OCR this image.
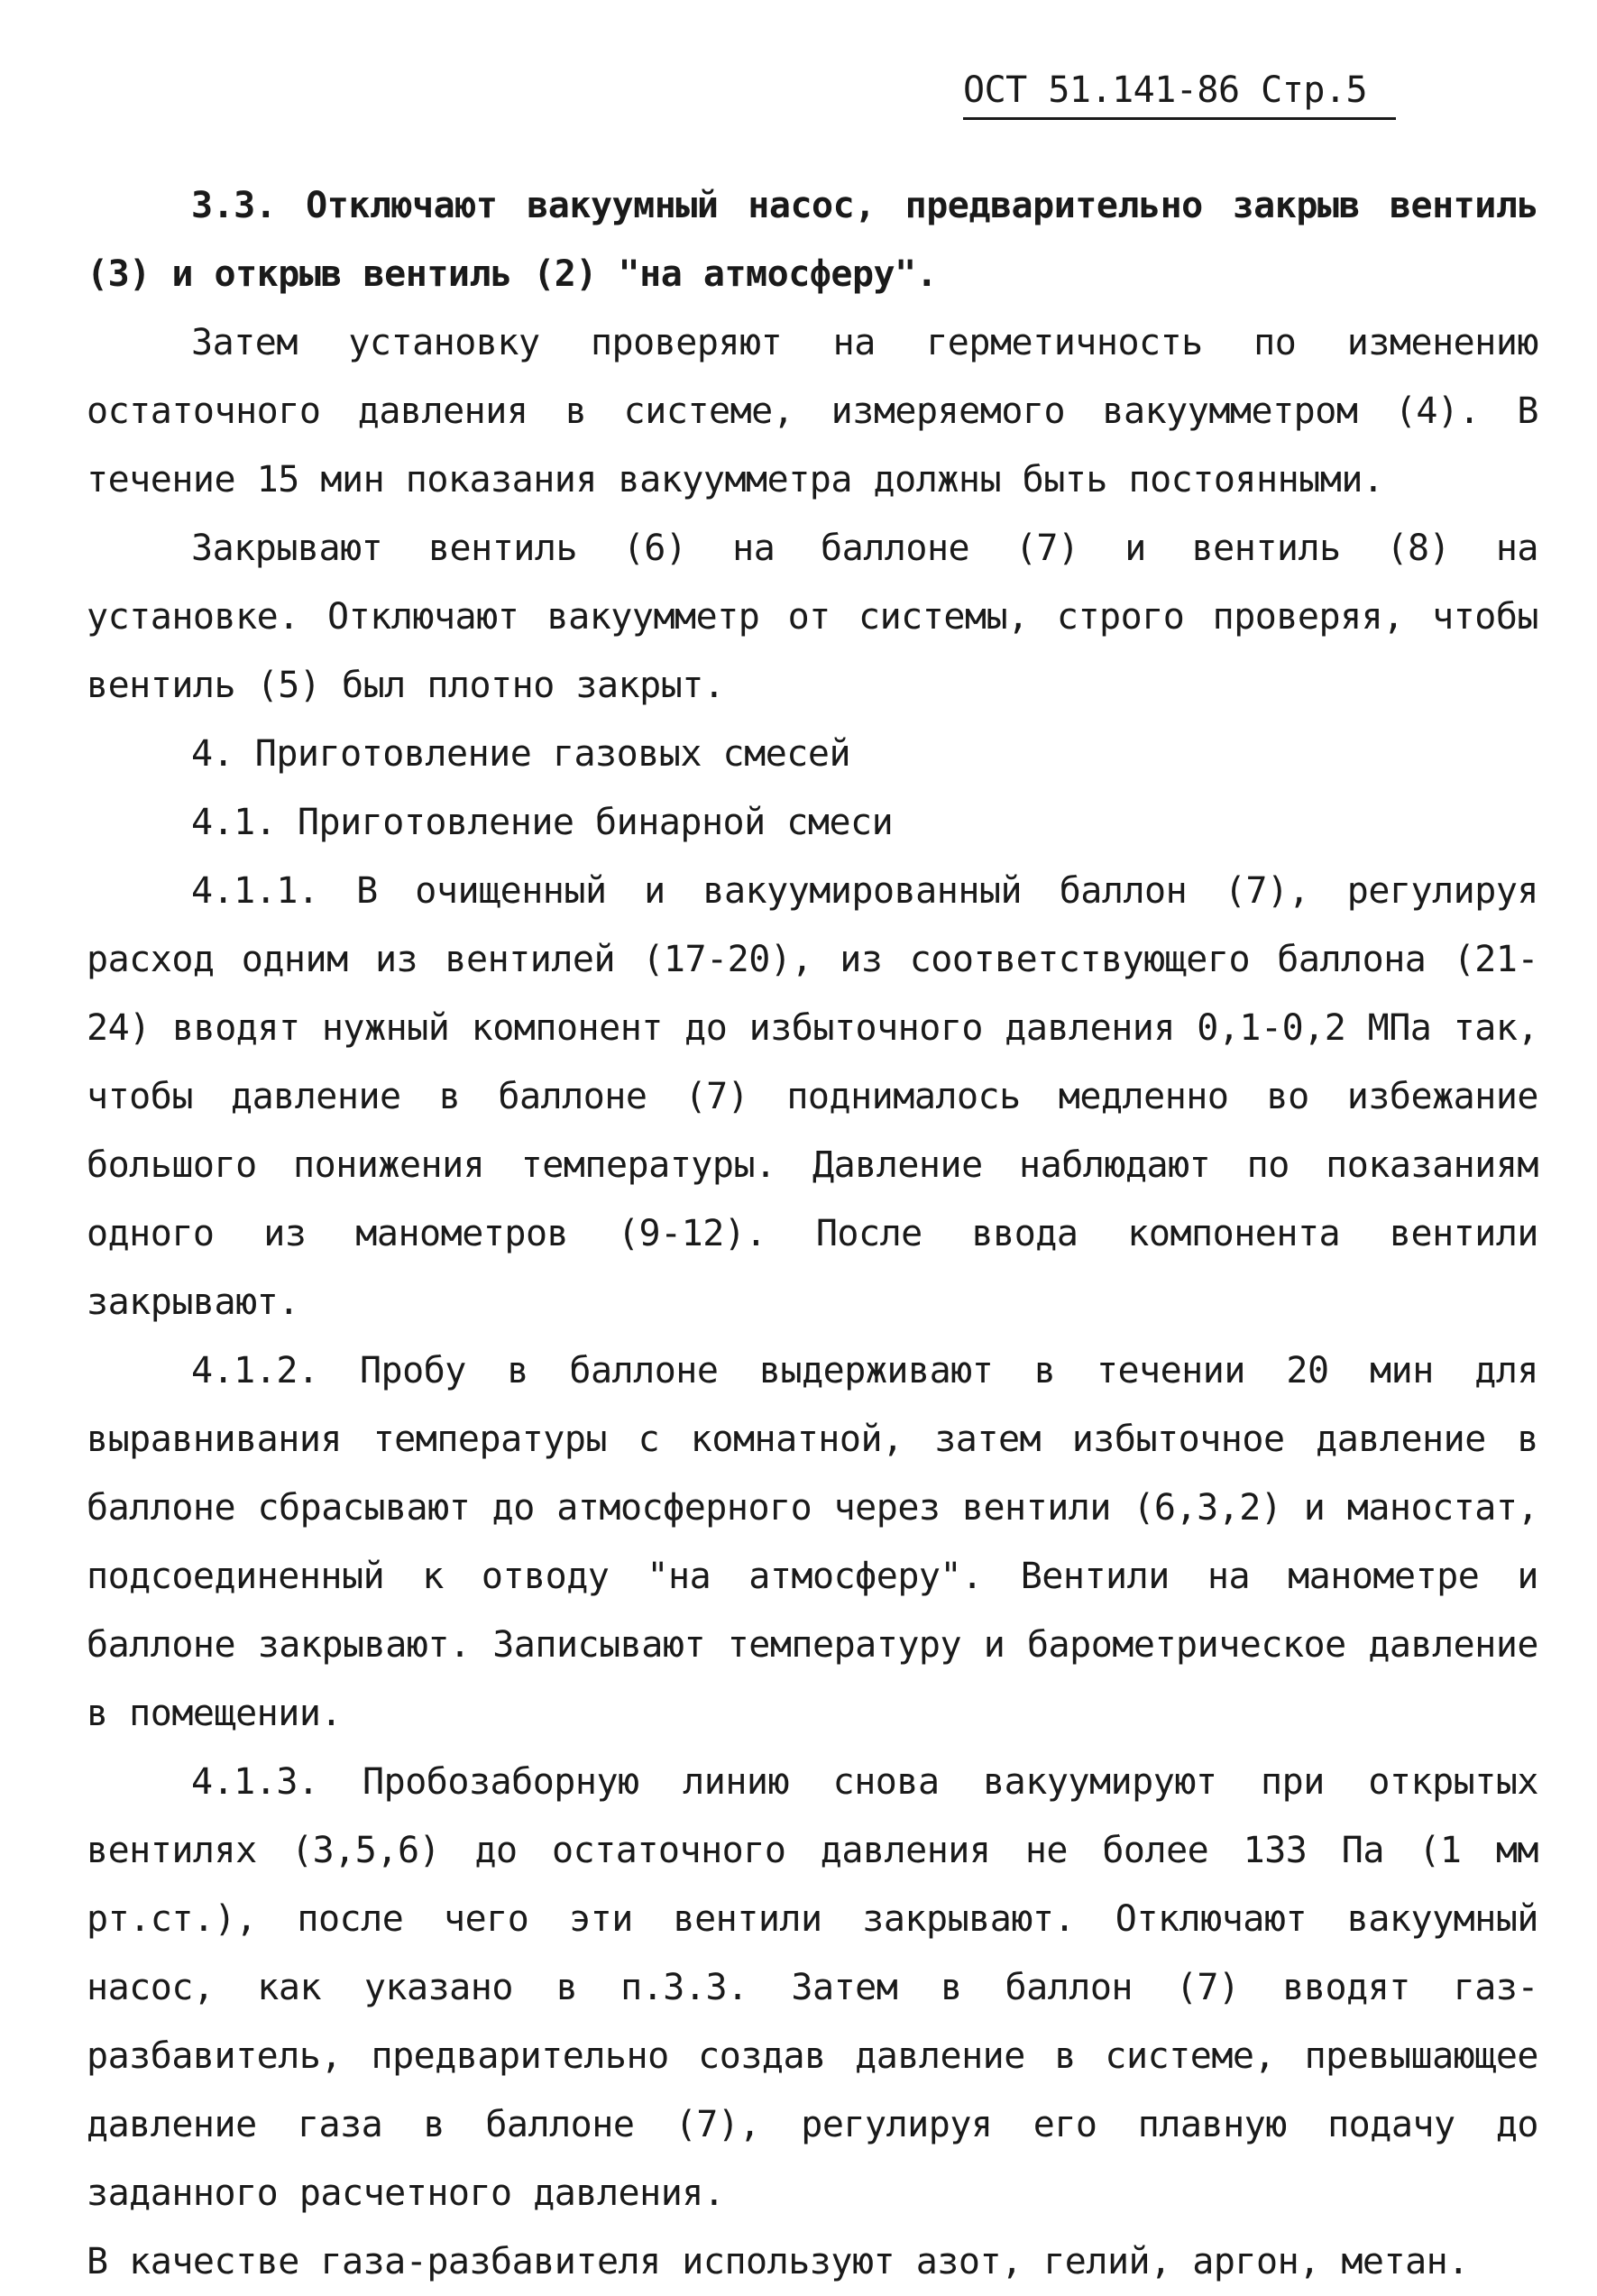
ОСТ 51.141-86 Стр.5

3.3. Отключают вакуумный насос, предварительно закрыв вентиль (3) и открыв вентиль (2) "на атмосферу".

Затем установку проверяют на герметичность по изменению остаточного давления в системе, измеряемого вакуумметром (4). В течение 15 мин показания вакуумметра должны быть постоянными.

Закрывают вентиль (6) на баллоне (7) и вентиль (8) на установке. Отключают вакуумметр от системы, строго проверяя, чтобы вентиль (5) был плотно закрыт.

4. Приготовление газовых смесей

4.1. Приготовление бинарной смеси

4.1.1. В очищенный и вакуумированный баллон (7), регулируя расход одним из вентилей (17-20), из соответствующего баллона (21-24) вводят нужный компонент до избыточного давления 0,1-0,2 МПа так, чтобы давление в баллоне (7) поднималось медленно во избежание большого понижения температуры. Давление наблюдают по показаниям одного из манометров (9-12). После ввода компонента вентили закрывают.

4.1.2. Пробу в баллоне выдерживают в течении 20 мин для выравнивания температуры с комнатной, затем избыточное давление в баллоне сбрасывают до атмосферного через вентили (6,3,2) и маностат, подсоединенный к отводу "на атмосферу". Вентили на манометре и баллоне закрывают. Записывают температуру и барометрическое давление в помещении.

4.1.3. Пробозаборную линию снова вакуумируют при открытых вентилях (3,5,6) до остаточного давления не более 133 Па (1 мм рт.ст.), после чего эти вентили закрывают. Отключают вакуумный насос, как указано в п.3.3. Затем в баллон (7) вводят газ-разбавитель, предварительно создав давление в системе, превышающее давление газа в баллоне (7), регулируя его плавную подачу до заданного расчетного давления.

В качестве газа-разбавителя используют азот, гелий, аргон, метан.
